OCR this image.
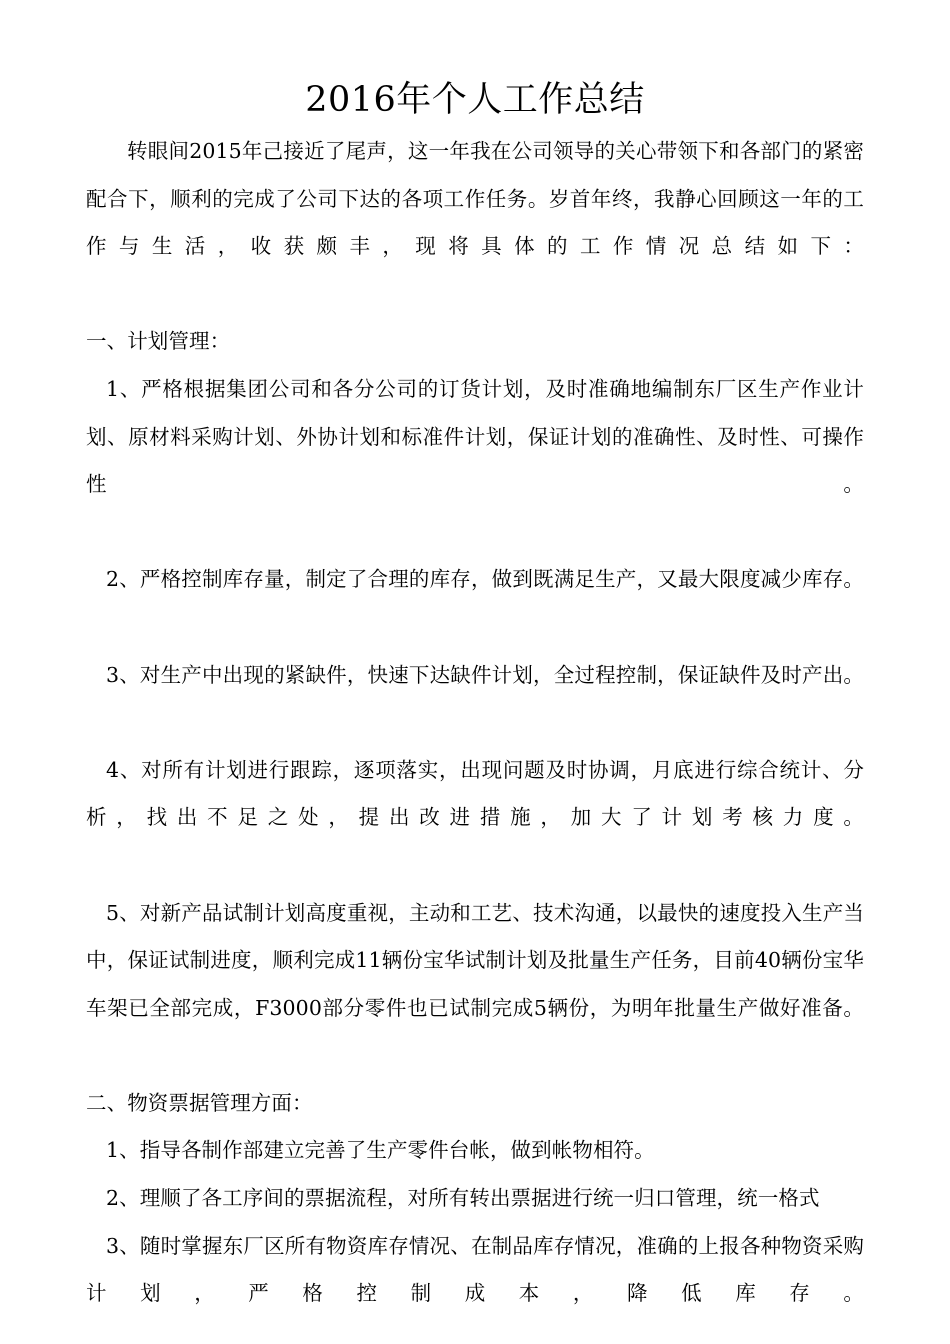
2016年个人工作总结

转眼间2015年己接近了尾声，这一年我在公司领导的关心带领下和各部门的紧密配合下，顺利的完成了公司下达的各项工作任务。岁首年终，我静心回顾这一年的工作与生活，收获颇丰，现将具体的工作情况总结如下：

一、计划管理：

1、严格根据集团公司和各分公司的订货计划，及时准确地编制东厂区生产作业计划、原材料采购计划、外协计划和标准件计划，保证计划的准确性、及时性、可操作性。

2、严格控制库存量，制定了合理的库存，做到既满足生产，又最大限度减少库存。

3、对生产中出现的紧缺件，快速下达缺件计划，全过程控制，保证缺件及时产出。

4、对所有计划进行跟踪，逐项落实，出现问题及时协调，月底进行综合统计、分析，找出不足之处，提出改进措施，加大了计划考核力度。

5、对新产品试制计划高度重视，主动和工艺、技术沟通，以最快的速度投入生产当中，保证试制进度，顺利完成11辆份宝华试制计划及批量生产任务，目前40辆份宝华车架已全部完成，F3000部分零件也已试制完成5辆份，为明年批量生产做好准备。

二、物资票据管理方面：

1、指导各制作部建立完善了生产零件台帐，做到帐物相符。

2、理顺了各工序间的票据流程，对所有转出票据进行统一归口管理，统一格式

3、随时掌握东厂区所有物资库存情况、在制品库存情况，准确的上报各种物资采购计划，严格控制成本，降低库存。
